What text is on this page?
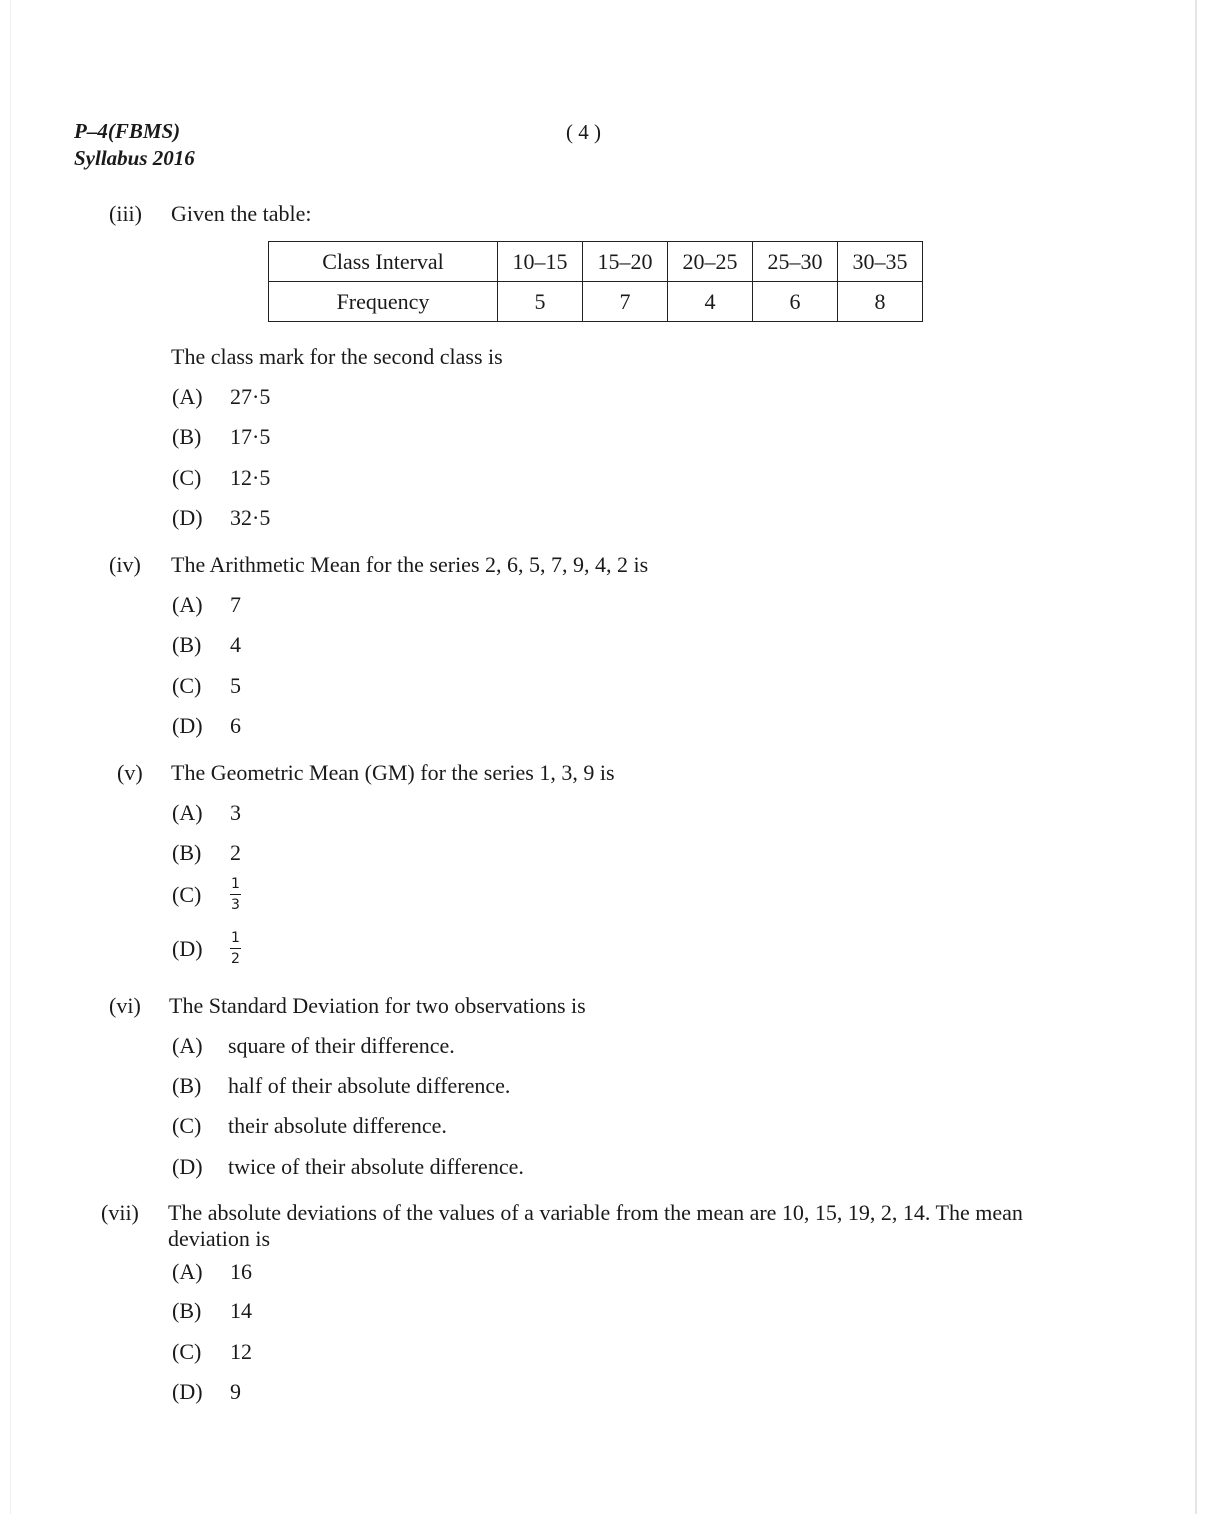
P–4(FBMS)
Syllabus 2016
( 4 )
(iii) Given the table:
Class Interval	10–15	15–20	20–25	25–30	30–35
Frequency	5	7	4	6	8
The class mark for the second class is
(A)	27·5
(B)	17·5
(C)	12·5
(D)	32·5
(iv) The Arithmetic Mean for the series 2, 6, 5, 7, 9, 4, 2 is
(A)	7
(B)	4
(C)	5
(D)	6
(v) The Geometric Mean (GM) for the series 1, 3, 9 is
(A)	3
(B)	2
(C)	$\frac{1}{3}$
(D)	$\frac{1}{2}$
(vi) The Standard Deviation for two observations is
(A)	square of their difference.
(B)	half of their absolute difference.
(C)	their absolute difference.
(D)	twice of their absolute difference.
(vii) The absolute deviations of the values of a variable from the mean are 10, 15, 19, 2, 14. The mean
deviation is
(A)	16
(B)	14
(C)	12
(D)	9
